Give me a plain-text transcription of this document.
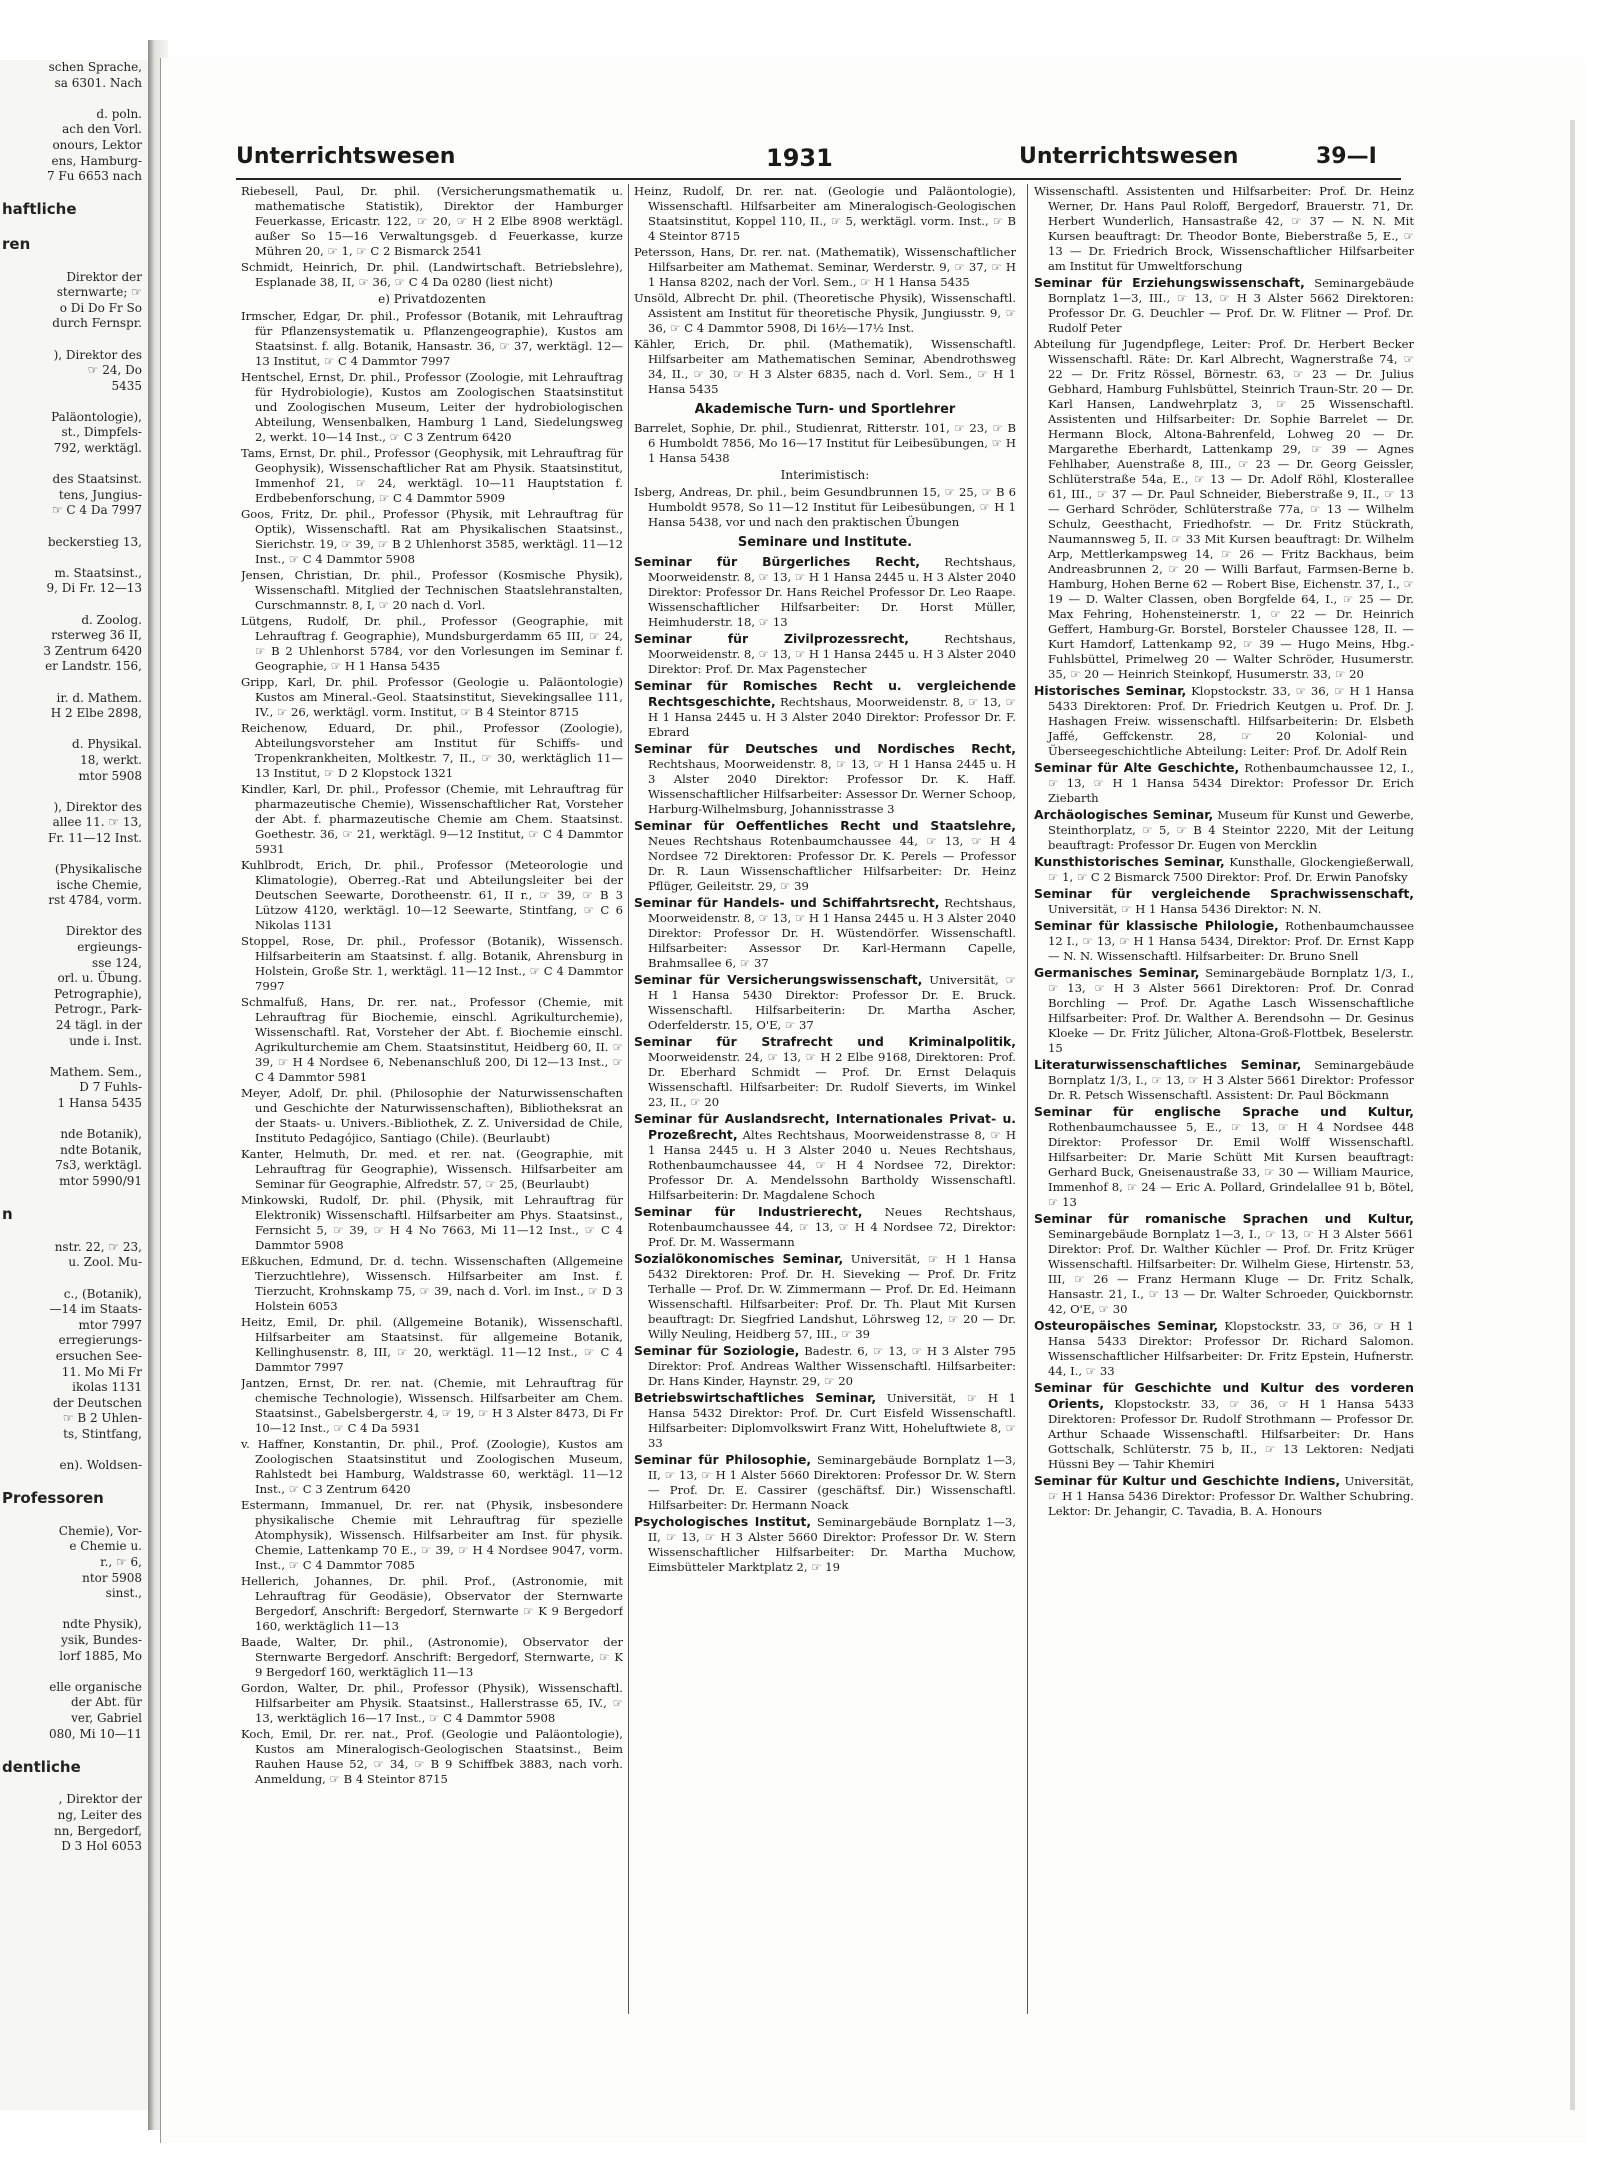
schen Sprache,
sa 6301. Nach

d. poln.
ach den Vorl.
onours, Lektor
ens, Hamburg-
7 Fu 6653 nach

haftliche

ren

Direktor der
sternwarte; ☞
o Di Do Fr So
durch Fernspr.

), Direktor des
☞ 24, Do
5435

Paläontologie),
st., Dimpfels-
792, werktägl.

des Staatsinst.
tens, Jungius-
☞ C 4 Da 7997

beckerstieg 13,

m. Staatsinst.,
9, Di Fr. 12—13

d. Zoolog.
rsterweg 36 II,
3 Zentrum 6420
er Landstr. 156,

ir. d. Mathem.
H 2 Elbe 2898,

d. Physikal.
18, werkt.
mtor 5908

), Direktor des
allee 11. ☞ 13,
Fr. 11—12 Inst.

(Physikalische
ische Chemie,
rst 4784, vorm.

Direktor des
ergieungs-
sse 124,
orl. u. Übung.
Petrographie),
Petrogr., Park-
24 tägl. in der
unde i. Inst.

Mathem. Sem.,
D 7 Fuhls-
1 Hansa 5435

nde Botanik),
ndte Botanik,
7s3, werktägl.
mtor 5990/91

n

nstr. 22, ☞ 23,
u. Zool. Mu-

c., (Botanik),
—14 im Staats-
mtor 7997
erregierungs-
ersuchen See-
11. Mo Mi Fr
ikolas 1131
der Deutschen
☞ B 2 Uhlen-
ts, Stintfang,

en). Woldsen-

Professoren

Chemie), Vor-
e Chemie u.
r., ☞ 6,
ntor 5908
sinst.,

ndte Physik),
ysik, Bundes-
lorf 1885, Mo

elle organische
der Abt. für
ver, Gabriel
080, Mi 10—11

dentliche

, Direktor der
ng, Leiter des
nn, Bergedorf,
D 3 Hol 6053
Unterrichtswesen	1931	Unterrichtswesen	39—I
Riebesell, Paul, Dr. phil. (Versicherungsmathematik u. mathematische Statistik), Direktor der Hamburger Feuerkasse, Ericastr. 122, ☞ 20, ☞ H 2 Elbe 8908 werktägl. außer So 15—16 Verwaltungsgeb. d Feuerkasse, kurze Mühren 20, ☞ 1, ☞ C 2 Bismarck 2541
Schmidt, Heinrich, Dr. phil. (Landwirtschaft. Betriebslehre), Esplanade 38, II, ☞ 36, ☞ C 4 Da 0280 (liest nicht)
e) Privatdozenten
Irmscher, Edgar, Dr. phil., Professor (Botanik, mit Lehrauftrag für Pflanzensystematik u. Pflanzengeographie), Kustos am Staatsinst. f. allg. Botanik, Hansastr. 36, ☞ 37, werktägl. 12—13 Institut, ☞ C 4 Dammtor 7997
Hentschel, Ernst, Dr. phil., Professor (Zoologie, mit Lehrauftrag für Hydrobiologie), Kustos am Zoologischen Staatsinstitut und Zoologischen Museum, Leiter der hydrobiologischen Abteilung, Wensenbalken, Hamburg 1 Land, Siedelungsweg 2, werkt. 10—14 Inst., ☞ C 3 Zentrum 6420
Tams, Ernst, Dr. phil., Professor (Geophysik, mit Lehrauftrag für Geophysik), Wissenschaftlicher Rat am Physik. Staatsinstitut, Immenhof 21, ☞ 24, werktägl. 10—11 Hauptstation f. Erdbebenforschung, ☞ C 4 Dammtor 5909
Goos, Fritz, Dr. phil., Professor (Physik, mit Lehrauftrag für Optik), Wissenschaftl. Rat am Physikalischen Staatsinst., Sierichstr. 19, ☞ 39, ☞ B 2 Uhlenhorst 3585, werktägl. 11—12 Inst., ☞ C 4 Dammtor 5908
Jensen, Christian, Dr. phil., Professor (Kosmische Physik), Wissenschaftl. Mitglied der Technischen Staatslehranstalten, Curschmannstr. 8, I, ☞ 20 nach d. Vorl.
Lütgens, Rudolf, Dr. phil., Professor (Geographie, mit Lehrauftrag f. Geographie), Mundsburgerdamm 65 III, ☞ 24, ☞ B 2 Uhlenhorst 5784, vor den Vorlesungen im Seminar f. Geographie, ☞ H 1 Hansa 5435
Gripp, Karl, Dr. phil. Professor (Geologie u. Paläontologie) Kustos am Mineral.-Geol. Staatsinstitut, Sievekingsallee 111, IV., ☞ 26, werktägl. vorm. Institut, ☞ B 4 Steintor 8715
Reichenow, Eduard, Dr. phil., Professor (Zoologie), Abteilungsvorsteher am Institut für Schiffs- und Tropenkrankheiten, Moltkestr. 7, II., ☞ 30, werktäglich 11—13 Institut, ☞ D 2 Klopstock 1321
Kindler, Karl, Dr. phil., Professor (Chemie, mit Lehrauftrag für pharmazeutische Chemie), Wissenschaftlicher Rat, Vorsteher der Abt. f. pharmazeutische Chemie am Chem. Staatsinst. Goethestr. 36, ☞ 21, werktägl. 9—12 Institut, ☞ C 4 Dammtor 5931
Kuhlbrodt, Erich, Dr. phil., Professor (Meteorologie und Klimatologie), Oberreg.-Rat und Abteilungsleiter bei der Deutschen Seewarte, Dorotheenstr. 61, II r., ☞ 39, ☞ B 3 Lützow 4120, werktägl. 10—12 Seewarte, Stintfang, ☞ C 6 Nikolas 1131
Stoppel, Rose, Dr. phil., Professor (Botanik), Wissensch. Hilfsarbeiterin am Staatsinst. f. allg. Botanik, Ahrensburg in Holstein, Große Str. 1, werktägl. 11—12 Inst., ☞ C 4 Dammtor 7997
Schmalfuß, Hans, Dr. rer. nat., Professor (Chemie, mit Lehrauftrag für Biochemie, einschl. Agrikulturchemie), Wissenschaftl. Rat, Vorsteher der Abt. f. Biochemie einschl. Agrikulturchemie am Chem. Staatsinstitut, Heidberg 60, II. ☞ 39, ☞ H 4 Nordsee 6, Nebenanschluß 200, Di 12—13 Inst., ☞ C 4 Dammtor 5981
Meyer, Adolf, Dr. phil. (Philosophie der Naturwissenschaften und Geschichte der Naturwissenschaften), Bibliotheksrat an der Staats- u. Univers.-Bibliothek, Z. Z. Universidad de Chile, Instituto Pedagójico, Santiago (Chile). (Beurlaubt)
Kanter, Helmuth, Dr. med. et rer. nat. (Geographie, mit Lehrauftrag für Geographie), Wissensch. Hilfsarbeiter am Seminar für Geographie, Alfredstr. 57, ☞ 25, (Beurlaubt)
Minkowski, Rudolf, Dr. phil. (Physik, mit Lehrauftrag für Elektronik) Wissenschaftl. Hilfsarbeiter am Phys. Staatsinst., Fernsicht 5, ☞ 39, ☞ H 4 No 7663, Mi 11—12 Inst., ☞ C 4 Dammtor 5908
Eßkuchen, Edmund, Dr. d. techn. Wissenschaften (Allgemeine Tierzuchtlehre), Wissensch. Hilfsarbeiter am Inst. f. Tierzucht, Krohnskamp 75, ☞ 39, nach d. Vorl. im Inst., ☞ D 3 Holstein 6053
Heitz, Emil, Dr. phil. (Allgemeine Botanik), Wissenschaftl. Hilfsarbeiter am Staatsinst. für allgemeine Botanik, Kellinghusenstr. 8, III, ☞ 20, werktägl. 11—12 Inst., ☞ C 4 Dammtor 7997
Jantzen, Ernst, Dr. rer. nat. (Chemie, mit Lehrauftrag für chemische Technologie), Wissensch. Hilfsarbeiter am Chem. Staatsinst., Gabelsbergerstr. 4, ☞ 19, ☞ H 3 Alster 8473, Di Fr 10—12 Inst., ☞ C 4 Da 5931
v. Haffner, Konstantin, Dr. phil., Prof. (Zoologie), Kustos am Zoologischen Staatsinstitut und Zoologischen Museum, Rahlstedt bei Hamburg, Waldstrasse 60, werktägl. 11—12 Inst., ☞ C 3 Zentrum 6420
Estermann, Immanuel, Dr. rer. nat (Physik, insbesondere physikalische Chemie mit Lehrauftrag für spezielle Atomphysik), Wissensch. Hilfsarbeiter am Inst. für physik. Chemie, Lattenkamp 70 E., ☞ 39, ☞ H 4 Nordsee 9047, vorm. Inst., ☞ C 4 Dammtor 7085
Hellerich, Johannes, Dr. phil. Prof., (Astronomie, mit Lehrauftrag für Geodäsie), Observator der Sternwarte Bergedorf, Anschrift: Bergedorf, Sternwarte ☞ K 9 Bergedorf 160, werktäglich 11—13
Baade, Walter, Dr. phil., (Astronomie), Observator der Sternwarte Bergedorf. Anschrift: Bergedorf, Sternwarte, ☞ K 9 Bergedorf 160, werktäglich 11—13
Gordon, Walter, Dr. phil., Professor (Physik), Wissenschaftl. Hilfsarbeiter am Physik. Staatsinst., Hallerstrasse 65, IV., ☞ 13, werktäglich 16—17 Inst., ☞ C 4 Dammtor 5908
Koch, Emil, Dr. rer. nat., Prof. (Geologie und Paläontologie), Kustos am Mineralogisch-Geologischen Staatsinst., Beim Rauhen Hause 52, ☞ 34, ☞ B 9 Schiffbek 3883, nach vorh. Anmeldung, ☞ B 4 Steintor 8715
Heinz, Rudolf, Dr. rer. nat. (Geologie und Paläontologie), Wissenschaftl. Hilfsarbeiter am Mineralogisch-Geologischen Staatsinstitut, Koppel 110, II., ☞ 5, werktägl. vorm. Inst., ☞ B 4 Steintor 8715
Petersson, Hans, Dr. rer. nat. (Mathematik), Wissenschaftlicher Hilfsarbeiter am Mathemat. Seminar, Werderstr. 9, ☞ 37, ☞ H 1 Hansa 8202, nach der Vorl. Sem., ☞ H 1 Hansa 5435
Unsöld, Albrecht Dr. phil. (Theoretische Physik), Wissenschaftl. Assistent am Institut für theoretische Physik, Jungiusstr. 9, ☞ 36, ☞ C 4 Dammtor 5908, Di 16½—17½ Inst.
Kähler, Erich, Dr. phil. (Mathematik), Wissenschaftl. Hilfsarbeiter am Mathematischen Seminar, Abendrothsweg 34, II., ☞ 30, ☞ H 3 Alster 6835, nach d. Vorl. Sem., ☞ H 1 Hansa 5435
Akademische Turn- und Sportlehrer
Barrelet, Sophie, Dr. phil., Studienrat, Ritterstr. 101, ☞ 23, ☞ B 6 Humboldt 7856, Mo 16—17 Institut für Leibesübungen, ☞ H 1 Hansa 5438
Interimistisch:
Isberg, Andreas, Dr. phil., beim Gesundbrunnen 15, ☞ 25, ☞ B 6 Humboldt 9578, So 11—12 Institut für Leibesübungen, ☞ H 1 Hansa 5438, vor und nach den praktischen Übungen
Seminare und Institute.
Seminar für Bürgerliches Recht, Rechtshaus, Moorweidenstr. 8, ☞ 13, ☞ H 1 Hansa 2445 u. H 3 Alster 2040 Direktor: Professor Dr. Hans Reichel Professor Dr. Leo Raape. Wissenschaftlicher Hilfsarbeiter: Dr. Horst Müller, Heimhuderstr. 18, ☞ 13
Seminar für Zivilprozessrecht, Rechtshaus, Moorweidenstr. 8, ☞ 13, ☞ H 1 Hansa 2445 u. H 3 Alster 2040 Direktor: Prof. Dr. Max Pagenstecher
Seminar für Romisches Recht u. vergleichende Rechtsgeschichte, Rechtshaus, Moorweidenstr. 8, ☞ 13, ☞ H 1 Hansa 2445 u. H 3 Alster 2040 Direktor: Professor Dr. F. Ebrard
Seminar für Deutsches und Nordisches Recht, Rechtshaus, Moorweidenstr. 8, ☞ 13, ☞ H 1 Hansa 2445 u. H 3 Alster 2040 Direktor: Professor Dr. K. Haff. Wissenschaftlicher Hilfsarbeiter: Assessor Dr. Werner Schoop, Harburg-Wilhelmsburg, Johannisstrasse 3
Seminar für Oeffentliches Recht und Staatslehre, Neues Rechtshaus Rotenbaumchaussee 44, ☞ 13, ☞ H 4 Nordsee 72 Direktoren: Professor Dr. K. Perels — Professor Dr. R. Laun Wissenschaftlicher Hilfsarbeiter: Dr. Heinz Pflüger, Geileitstr. 29, ☞ 39
Seminar für Handels- und Schiffahrtsrecht, Rechtshaus, Moorweidenstr. 8, ☞ 13, ☞ H 1 Hansa 2445 u. H 3 Alster 2040 Direktor: Professor Dr. H. Wüstendörfer. Wissenschaftl. Hilfsarbeiter: Assessor Dr. Karl-Hermann Capelle, Brahmsallee 6, ☞ 37
Seminar für Versicherungswissenschaft, Universität, ☞ H 1 Hansa 5430 Direktor: Professor Dr. E. Bruck. Wissenschaftl. Hilfsarbeiterin: Dr. Martha Ascher, Oderfelderstr. 15, O'E, ☞ 37
Seminar für Strafrecht und Kriminalpolitik, Moorweidenstr. 24, ☞ 13, ☞ H 2 Elbe 9168, Direktoren: Prof. Dr. Eberhard Schmidt — Prof. Dr. Ernst Delaquis Wissenschaftl. Hilfsarbeiter: Dr. Rudolf Sieverts, im Winkel 23, II., ☞ 20
Seminar für Auslandsrecht, Internationales Privat- u. Prozeßrecht, Altes Rechtshaus, Moorweidenstrasse 8, ☞ H 1 Hansa 2445 u. H 3 Alster 2040 u. Neues Rechtshaus, Rothenbaumchaussee 44, ☞ H 4 Nordsee 72, Direktor: Professor Dr. A. Mendelssohn Bartholdy Wissenschaftl. Hilfsarbeiterin: Dr. Magdalene Schoch
Seminar für Industrierecht, Neues Rechtshaus, Rotenbaumchaussee 44, ☞ 13, ☞ H 4 Nordsee 72, Direktor: Prof. Dr. M. Wassermann
Sozialökonomisches Seminar, Universität, ☞ H 1 Hansa 5432 Direktoren: Prof. Dr. H. Sieveking — Prof. Dr. Fritz Terhalle — Prof. Dr. W. Zimmermann — Prof. Dr. Ed. Heimann Wissenschaftl. Hilfsarbeiter: Prof. Dr. Th. Plaut Mit Kursen beauftragt: Dr. Siegfried Landshut, Löhrsweg 12, ☞ 20 — Dr. Willy Neuling, Heidberg 57, III., ☞ 39
Seminar für Soziologie, Badestr. 6, ☞ 13, ☞ H 3 Alster 795 Direktor: Prof. Andreas Walther Wissenschaftl. Hilfsarbeiter: Dr. Hans Kinder, Haynstr. 29, ☞ 20
Betriebswirtschaftliches Seminar, Universität, ☞ H 1 Hansa 5432 Direktor: Prof. Dr. Curt Eisfeld Wissenschaftl. Hilfsarbeiter: Diplomvolkswirt Franz Witt, Hoheluftwiete 8, ☞ 33
Seminar für Philosophie, Seminargebäude Bornplatz 1—3, II, ☞ 13, ☞ H 1 Alster 5660 Direktoren: Professor Dr. W. Stern — Prof. Dr. E. Cassirer (geschäftsf. Dir.) Wissenschaftl. Hilfsarbeiter: Dr. Hermann Noack
Psychologisches Institut, Seminargebäude Bornplatz 1—3, II, ☞ 13, ☞ H 3 Alster 5660 Direktor: Professor Dr. W. Stern Wissenschaftlicher Hilfsarbeiter: Dr. Martha Muchow, Eimsbütteler Marktplatz 2, ☞ 19
Wissenschaftl. Assistenten und Hilfsarbeiter: Prof. Dr. Heinz Werner, Dr. Hans Paul Roloff, Bergedorf, Brauerstr. 71, Dr. Herbert Wunderlich, Hansastraße 42, ☞ 37 — N. N. Mit Kursen beauftragt: Dr. Theodor Bonte, Bieberstraße 5, E., ☞ 13 — Dr. Friedrich Brock, Wissenschaftlicher Hilfsarbeiter am Institut für Umweltforschung
Seminar für Erziehungswissenschaft, Seminargebäude Bornplatz 1—3, III., ☞ 13, ☞ H 3 Alster 5662 Direktoren: Professor Dr. G. Deuchler — Prof. Dr. W. Flitner — Prof. Dr. Rudolf Peter
Abteilung für Jugendpflege, Leiter: Prof. Dr. Herbert Becker Wissenschaftl. Räte: Dr. Karl Albrecht, Wagnerstraße 74, ☞ 22 — Dr. Fritz Rössel, Börnestr. 63, ☞ 23 — Dr. Julius Gebhard, Hamburg Fuhlsbüttel, Steinrich Traun-Str. 20 — Dr. Karl Hansen, Landwehrplatz 3, ☞ 25 Wissenschaftl. Assistenten und Hilfsarbeiter: Dr. Sophie Barrelet — Dr. Hermann Block, Altona-Bahrenfeld, Lohweg 20 — Dr. Margarethe Eberhardt, Lattenkamp 29, ☞ 39 — Agnes Fehlhaber, Auenstraße 8, III., ☞ 23 — Dr. Georg Geissler, Schlüterstraße 54a, E., ☞ 13 — Dr. Adolf Röhl, Klosterallee 61, III., ☞ 37 — Dr. Paul Schneider, Bieberstraße 9, II., ☞ 13 — Gerhard Schröder, Schlüterstraße 77a, ☞ 13 — Wilhelm Schulz, Geesthacht, Friedhofstr. — Dr. Fritz Stückrath, Naumannsweg 5, II. ☞ 33 Mit Kursen beauftragt: Dr. Wilhelm Arp, Mettlerkampsweg 14, ☞ 26 — Fritz Backhaus, beim Andreasbrunnen 2, ☞ 20 — Willi Barfaut, Farmsen-Berne b. Hamburg, Hohen Berne 62 — Robert Bise, Eichenstr. 37, I., ☞ 19 — D. Walter Classen, oben Borgfelde 64, I., ☞ 25 — Dr. Max Fehring, Hohensteinerstr. 1, ☞ 22 — Dr. Heinrich Geffert, Hamburg-Gr. Borstel, Borsteler Chaussee 128, II. — Kurt Hamdorf, Lattenkamp 92, ☞ 39 — Hugo Meins, Hbg.-Fuhlsbüttel, Primelweg 20 — Walter Schröder, Husumerstr. 35, ☞ 20 — Heinrich Steinkopf, Husumerstr. 33, ☞ 20
Historisches Seminar, Klopstockstr. 33, ☞ 36, ☞ H 1 Hansa 5433 Direktoren: Prof. Dr. Friedrich Keutgen u. Prof. Dr. J. Hashagen Freiw. wissenschaftl. Hilfsarbeiterin: Dr. Elsbeth Jaffé, Geffckenstr. 28, ☞ 20 Kolonial- und Überseegeschichtliche Abteilung: Leiter: Prof. Dr. Adolf Rein
Seminar für Alte Geschichte, Rothenbaumchaussee 12, I., ☞ 13, ☞ H 1 Hansa 5434 Direktor: Professor Dr. Erich Ziebarth
Archäologisches Seminar, Museum für Kunst und Gewerbe, Steinthorplatz, ☞ 5, ☞ B 4 Steintor 2220, Mit der Leitung beauftragt: Professor Dr. Eugen von Mercklin
Kunsthistorisches Seminar, Kunsthalle, Glockengießerwall, ☞ 1, ☞ C 2 Bismarck 7500 Direktor: Prof. Dr. Erwin Panofsky
Seminar für vergleichende Sprachwissenschaft, Universität, ☞ H 1 Hansa 5436 Direktor: N. N.
Seminar für klassische Philologie, Rothenbaumchaussee 12 I., ☞ 13, ☞ H 1 Hansa 5434, Direktor: Prof. Dr. Ernst Kapp — N. N. Wissenschaftl. Hilfsarbeiter: Dr. Bruno Snell
Germanisches Seminar, Seminargebäude Bornplatz 1/3, I., ☞ 13, ☞ H 3 Alster 5661 Direktoren: Prof. Dr. Conrad Borchling — Prof. Dr. Agathe Lasch Wissenschaftliche Hilfsarbeiter: Prof. Dr. Walther A. Berendsohn — Dr. Gesinus Kloeke — Dr. Fritz Jülicher, Altona-Groß-Flottbek, Beselerstr. 15
Literaturwissenschaftliches Seminar, Seminargebäude Bornplatz 1/3, I., ☞ 13, ☞ H 3 Alster 5661 Direktor: Professor Dr. R. Petsch Wissenschaftl. Assistent: Dr. Paul Böckmann
Seminar für englische Sprache und Kultur, Rothenbaumchaussee 5, E., ☞ 13, ☞ H 4 Nordsee 448 Direktor: Professor Dr. Emil Wolff Wissenschaftl. Hilfsarbeiter: Dr. Marie Schütt Mit Kursen beauftragt: Gerhard Buck, Gneisenaustraße 33, ☞ 30 — William Maurice, Immenhof 8, ☞ 24 — Eric A. Pollard, Grindelallee 91 b, Bötel, ☞ 13
Seminar für romanische Sprachen und Kultur, Seminargebäude Bornplatz 1—3, I., ☞ 13, ☞ H 3 Alster 5661 Direktor: Prof. Dr. Walther Küchler — Prof. Dr. Fritz Krüger Wissenschaftl. Hilfsarbeiter: Dr. Wilhelm Giese, Hirtenstr. 53, III, ☞ 26 — Franz Hermann Kluge — Dr. Fritz Schalk, Hansastr. 21, I., ☞ 13 — Dr. Walter Schroeder, Quickbornstr. 42, O'E, ☞ 30
Osteuropäisches Seminar, Klopstockstr. 33, ☞ 36, ☞ H 1 Hansa 5433 Direktor: Professor Dr. Richard Salomon. Wissenschaftlicher Hilfsarbeiter: Dr. Fritz Epstein, Hufnerstr. 44, I., ☞ 33
Seminar für Geschichte und Kultur des vorderen Orients, Klopstockstr. 33, ☞ 36, ☞ H 1 Hansa 5433 Direktoren: Professor Dr. Rudolf Strothmann — Professor Dr. Arthur Schaade Wissenschaftl. Hilfsarbeiter: Dr. Hans Gottschalk, Schlüterstr. 75 b, II., ☞ 13 Lektoren: Nedjati Hüssni Bey — Tahir Khemiri
Seminar für Kultur und Geschichte Indiens, Universität, ☞ H 1 Hansa 5436 Direktor: Professor Dr. Walther Schubring. Lektor: Dr. Jehangir, C. Tavadia, B. A. Honours
